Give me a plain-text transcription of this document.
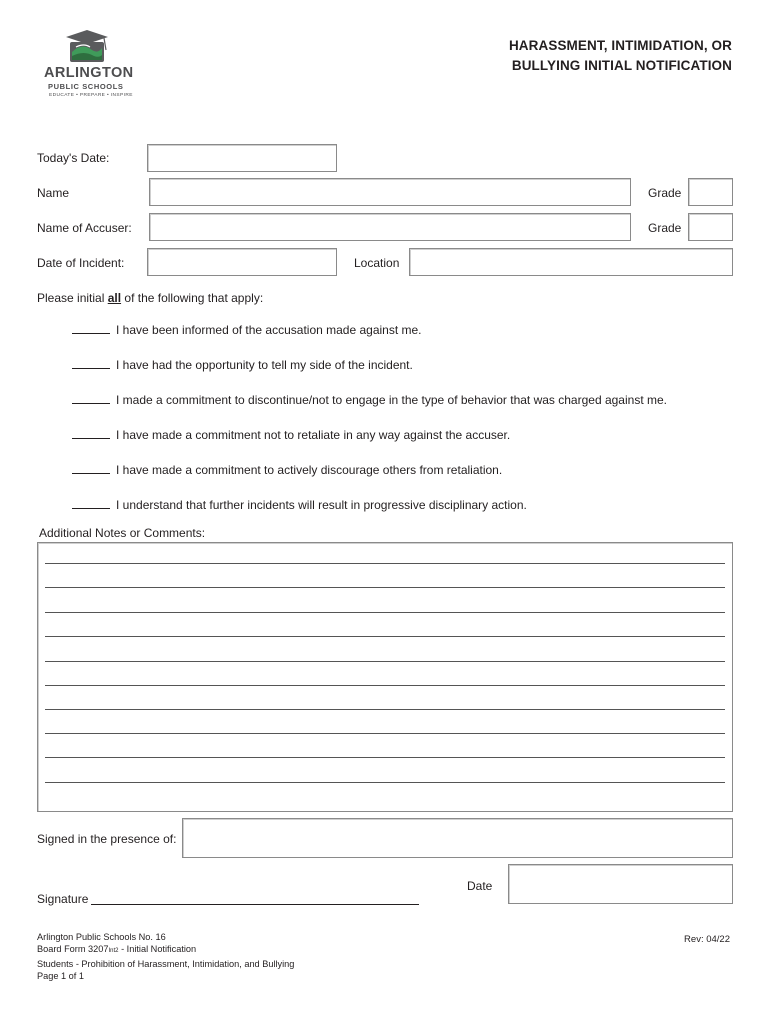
ARLINGTON
PUBLIC SCHOOLS
EDUCATE • PREPARE • INSPIRE
HARASSMENT, INTIMIDATION, OR
BULLYING INITIAL NOTIFICATION
Today's Date:
Name	Grade
Name of Accuser:	Grade
Date of Incident:	Location
Please initial all of the following that apply:
I have been informed of the accusation made against me.
I have had the opportunity to tell my side of the incident.
I made a commitment to discontinue/not to engage in the type of behavior that was charged against me.
I have made a commitment not to retaliate in any way against the accuser.
I have made a commitment to actively discourage others from retaliation.
I understand that further incidents will result in progressive disciplinary action.
Additional Notes or Comments:
Signed in the presence of:
Date
Signature
Arlington Public Schools No. 16
Board Form 3207Int2 - Initial Notification
Students - Prohibition of Harassment, Intimidation, and Bullying
Page 1 of 1
Rev: 04/22
